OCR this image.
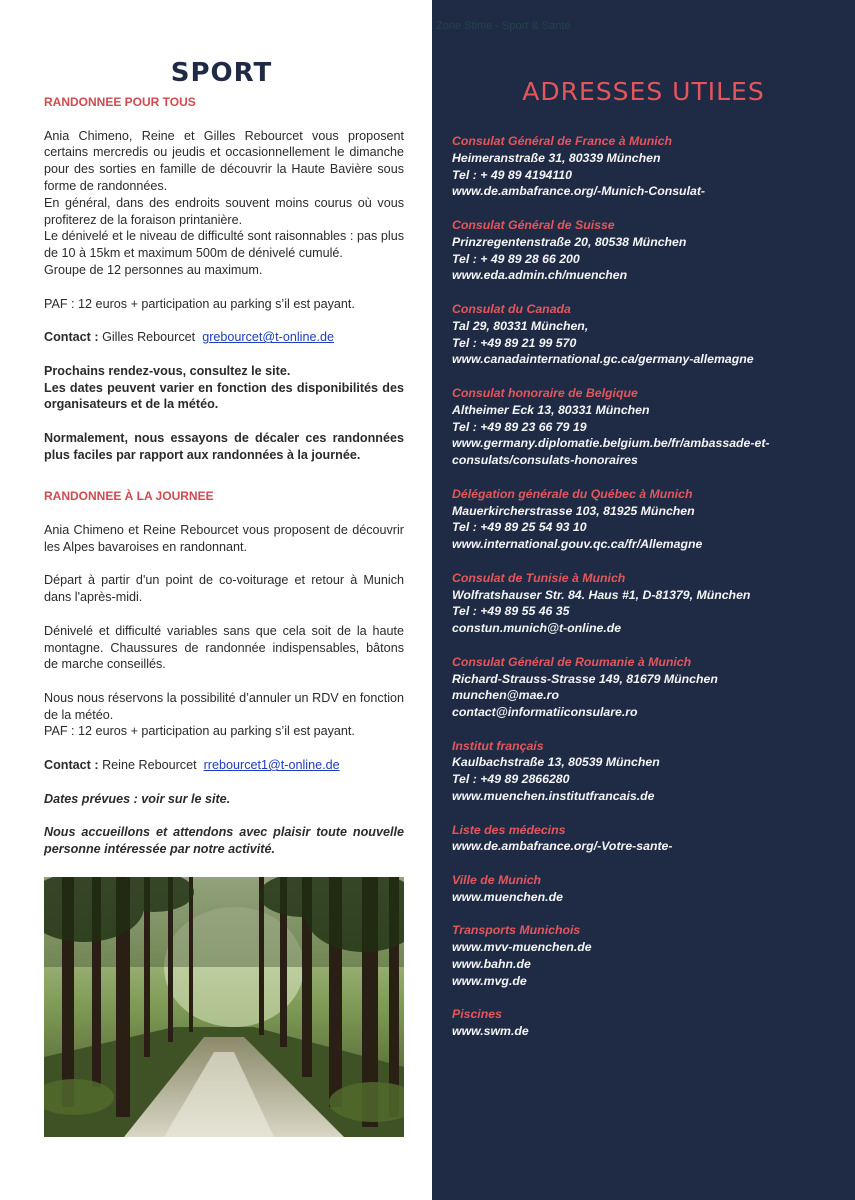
Zone Stime - Sport & Santé
SPORT
RANDONNEE POUR TOUS

Ania Chimeno, Reine et Gilles Rebourcet vous proposent certains mercredis ou jeudis et occasionnellement le dimanche pour des sorties en famille de découvrir la Haute Bavière sous forme de randonnées.

En général, dans des endroits souvent moins courus où vous profiterez de la foraison printanière.

Le dénivelé et le niveau de difficulté sont raisonnables : pas plus de 10 à 15km et maximum 500m de dénivelé cumulé.

Groupe de 12 personnes au maximum.

PAF : 12 euros + participation au parking s’il est payant.

Contact : Gilles Rebourcet grebourcet@t-online.de

Prochains rendez-vous, consultez le site.

Les dates peuvent varier en fonction des disponibilités des organisateurs et de la météo.

Normalement, nous essayons de décaler ces randonnées plus faciles par rapport aux randonnées à la journée.

RANDONNEE À LA JOURNEE

Ania Chimeno et Reine Rebourcet vous proposent de découvrir les Alpes bavaroises en randonnant.

Départ à partir d'un point de co-voiturage et retour à Munich dans l'après-midi.

Dénivelé et difficulté variables sans que cela soit de la haute montagne. Chaussures de randonnée indispensables, bâtons de marche conseillés.

Nous nous réservons la possibilité d’annuler un RDV en fonction de la météo.

PAF : 12 euros + participation au parking s’il est payant.

Contact : Reine Rebourcet rrebourcet1@t-online.de

Dates prévues : voir sur le site.

Nous accueillons et attendons avec plaisir toute nouvelle personne intéressée par notre activité.

ADRESSES UTILES
Consulat Général de France à Munich
Heimeranstraße 31, 80339 München
Tel : + 49 89 4194110
www.de.ambafrance.org/-Munich-Consulat-
Consulat Général de Suisse
Prinzregentenstraße 20, 80538 München
Tel : + 49 89 28 66 200
www.eda.admin.ch/muenchen
Consulat du Canada
Tal 29, 80331 München,
Tel : +49 89 21 99 570
www.canadainternational.gc.ca/germany-allemagne
Consulat honoraire de Belgique
Altheimer Eck 13, 80331 München
Tel : +49 89 23 66 79 19
www.germany.diplomatie.belgium.be/fr/ambassade-et-consulats/consulats-honoraires
Délégation générale du Québec à Munich
Mauerkircherstrasse 103, 81925 München
Tel : +49 89 25 54 93 10
www.international.gouv.qc.ca/fr/Allemagne
Consulat de Tunisie à Munich
Wolfratshauser Str. 84. Haus #1, D-81379, München
Tel : +49 89 55 46 35
constun.munich@t-online.de
Consulat Général de Roumanie à Munich
Richard-Strauss-Strasse 149, 81679 München
munchen@mae.ro
contact@informatiiconsulare.ro
Institut français
Kaulbachstraße 13, 80539 München
Tel : +49 89 2866280
www.muenchen.institutfrancais.de
Liste des médecins
www.de.ambafrance.org/-Votre-sante-
Ville de Munich
www.muenchen.de
Transports Munichois
www.mvv-muenchen.de
www.bahn.de
www.mvg.de
Piscines
www.swm.de
